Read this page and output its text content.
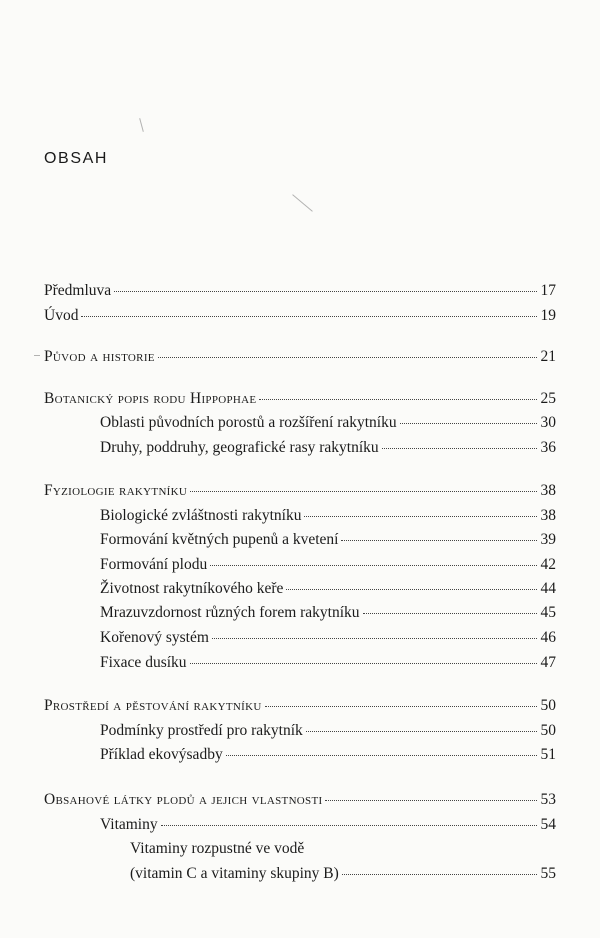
OBSAH
Předmluva	17
Úvod	19
Původ a historie	21
Botanický popis rodu Hippophae	25
Oblasti původních porostů a rozšíření rakytníku	30
Druhy, poddruhy, geografické rasy rakytníku	36
Fyziologie rakytníku	38
Biologické zvláštnosti rakytníku	38
Formování květných pupenů a kvetení	39
Formování plodu	42
Životnost rakytníkového keře	44
Mrazuvzdornost různých forem rakytníku	45
Kořenový systém	46
Fixace dusíku	47
Prostředí a pěstování rakytníku	50
Podmínky prostředí pro rakytník	50
Příklad ekovýsadby	51
Obsahové látky plodů a jejich vlastnosti	53
Vitaminy	54
Vitaminy rozpustné ve vodě
(vitamin C a vitaminy skupiny B)	55
